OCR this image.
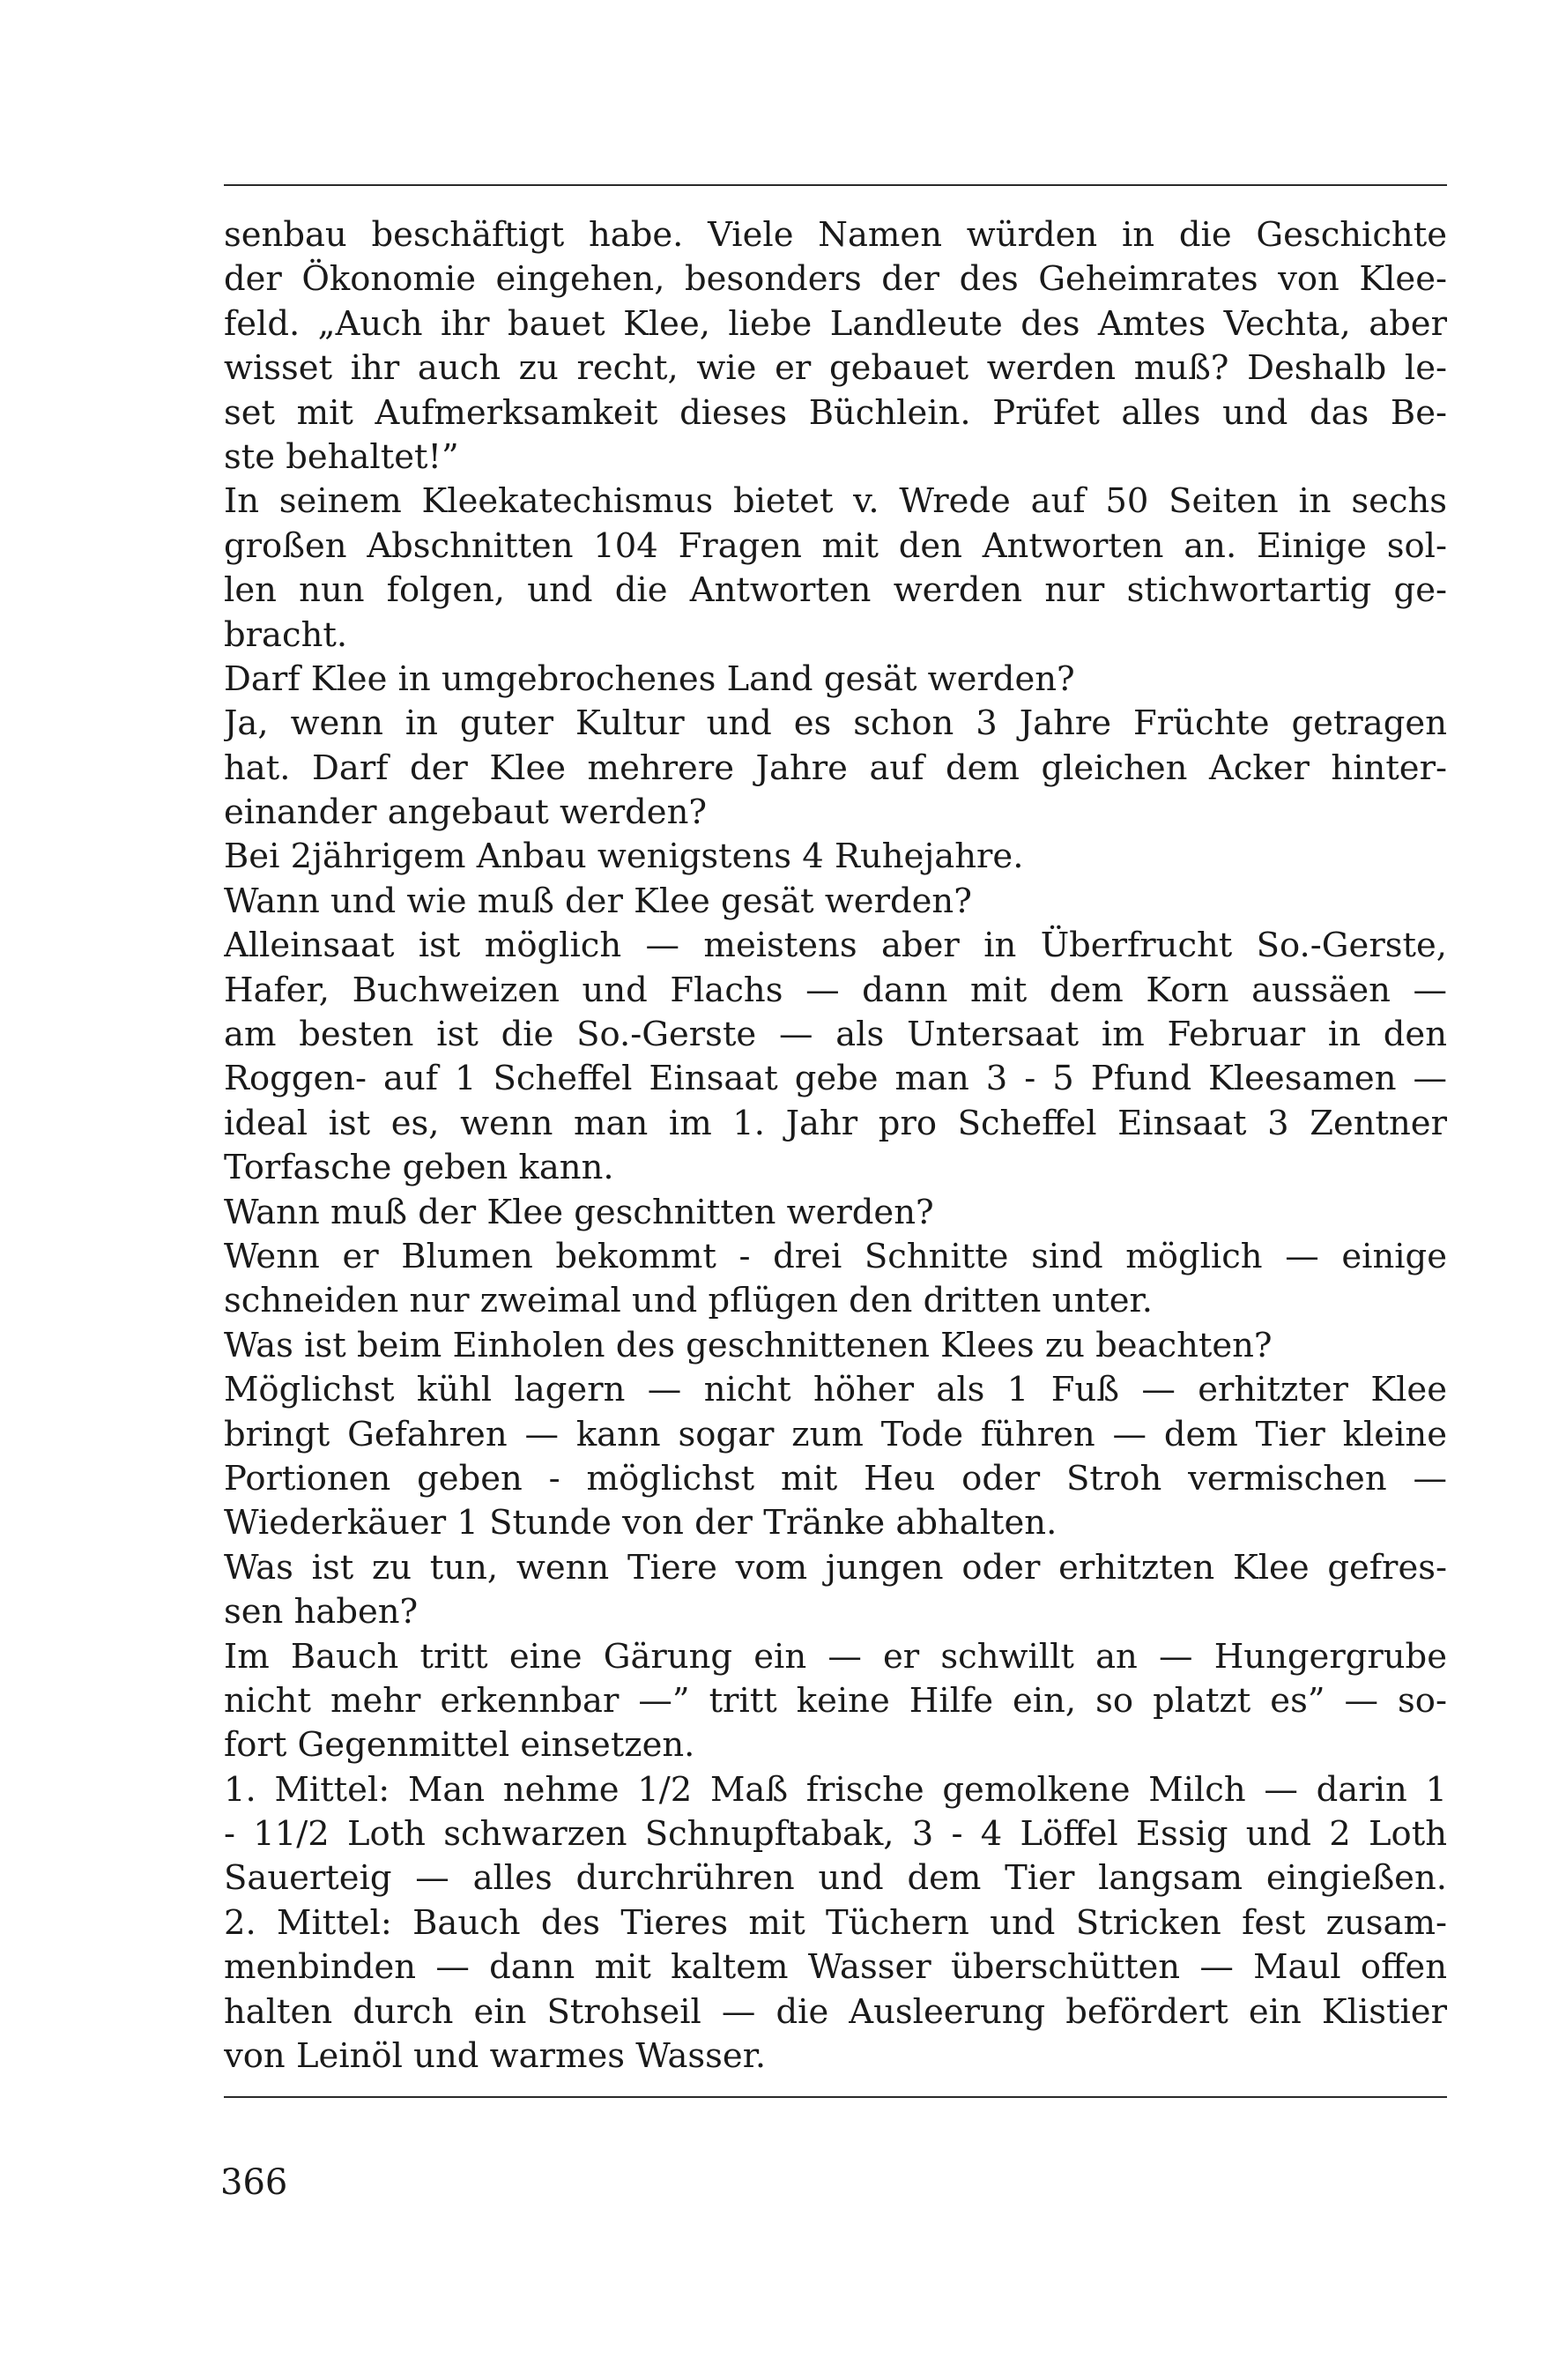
senbau beschäftigt habe. Viele Namen würden in die Geschichte
der Ökonomie eingehen, besonders der des Geheimrates von Klee-
feld. „Auch ihr bauet Klee, liebe Landleute des Amtes Vechta, aber
wisset ihr auch zu recht, wie er gebauet werden muß? Deshalb le-
set mit Aufmerksamkeit dieses Büchlein. Prüfet alles und das Be-
ste behaltet!”
In seinem Kleekatechismus bietet v. Wrede auf 50 Seiten in sechs
großen Abschnitten 104 Fragen mit den Antworten an. Einige sol-
len nun folgen, und die Antworten werden nur stichwortartig ge-
bracht.
Darf Klee in umgebrochenes Land gesät werden?
Ja, wenn in guter Kultur und es schon 3 Jahre Früchte getragen
hat. Darf der Klee mehrere Jahre auf dem gleichen Acker hinter-
einander angebaut werden?
Bei 2jährigem Anbau wenigstens 4 Ruhejahre.
Wann und wie muß der Klee gesät werden?
Alleinsaat ist möglich — meistens aber in Überfrucht So.-Gerste,
Hafer, Buchweizen und Flachs — dann mit dem Korn aussäen —
am besten ist die So.-Gerste — als Untersaat im Februar in den
Roggen- auf 1 Scheffel Einsaat gebe man 3 - 5 Pfund Kleesamen —
ideal ist es, wenn man im 1. Jahr pro Scheffel Einsaat 3 Zentner
Torfasche geben kann.
Wann muß der Klee geschnitten werden?
Wenn er Blumen bekommt - drei Schnitte sind möglich — einige
schneiden nur zweimal und pflügen den dritten unter.
Was ist beim Einholen des geschnittenen Klees zu beachten?
Möglichst kühl lagern — nicht höher als 1 Fuß — erhitzter Klee
bringt Gefahren — kann sogar zum Tode führen — dem Tier kleine
Portionen geben - möglichst mit Heu oder Stroh vermischen —
Wiederkäuer 1 Stunde von der Tränke abhalten.
Was ist zu tun, wenn Tiere vom jungen oder erhitzten Klee gefres-
sen haben?
Im Bauch tritt eine Gärung ein — er schwillt an — Hungergrube
nicht mehr erkennbar —” tritt keine Hilfe ein, so platzt es” — so-
fort Gegenmittel einsetzen.
1. Mittel: Man nehme 1/2 Maß frische gemolkene Milch — darin 1
- 11/2 Loth schwarzen Schnupftabak, 3 - 4 Löffel Essig und 2 Loth
Sauerteig — alles durchrühren und dem Tier langsam eingießen.
2. Mittel: Bauch des Tieres mit Tüchern und Stricken fest zusam-
menbinden — dann mit kaltem Wasser überschütten — Maul offen
halten durch ein Strohseil — die Ausleerung befördert ein Klistier
von Leinöl und warmes Wasser.
366
